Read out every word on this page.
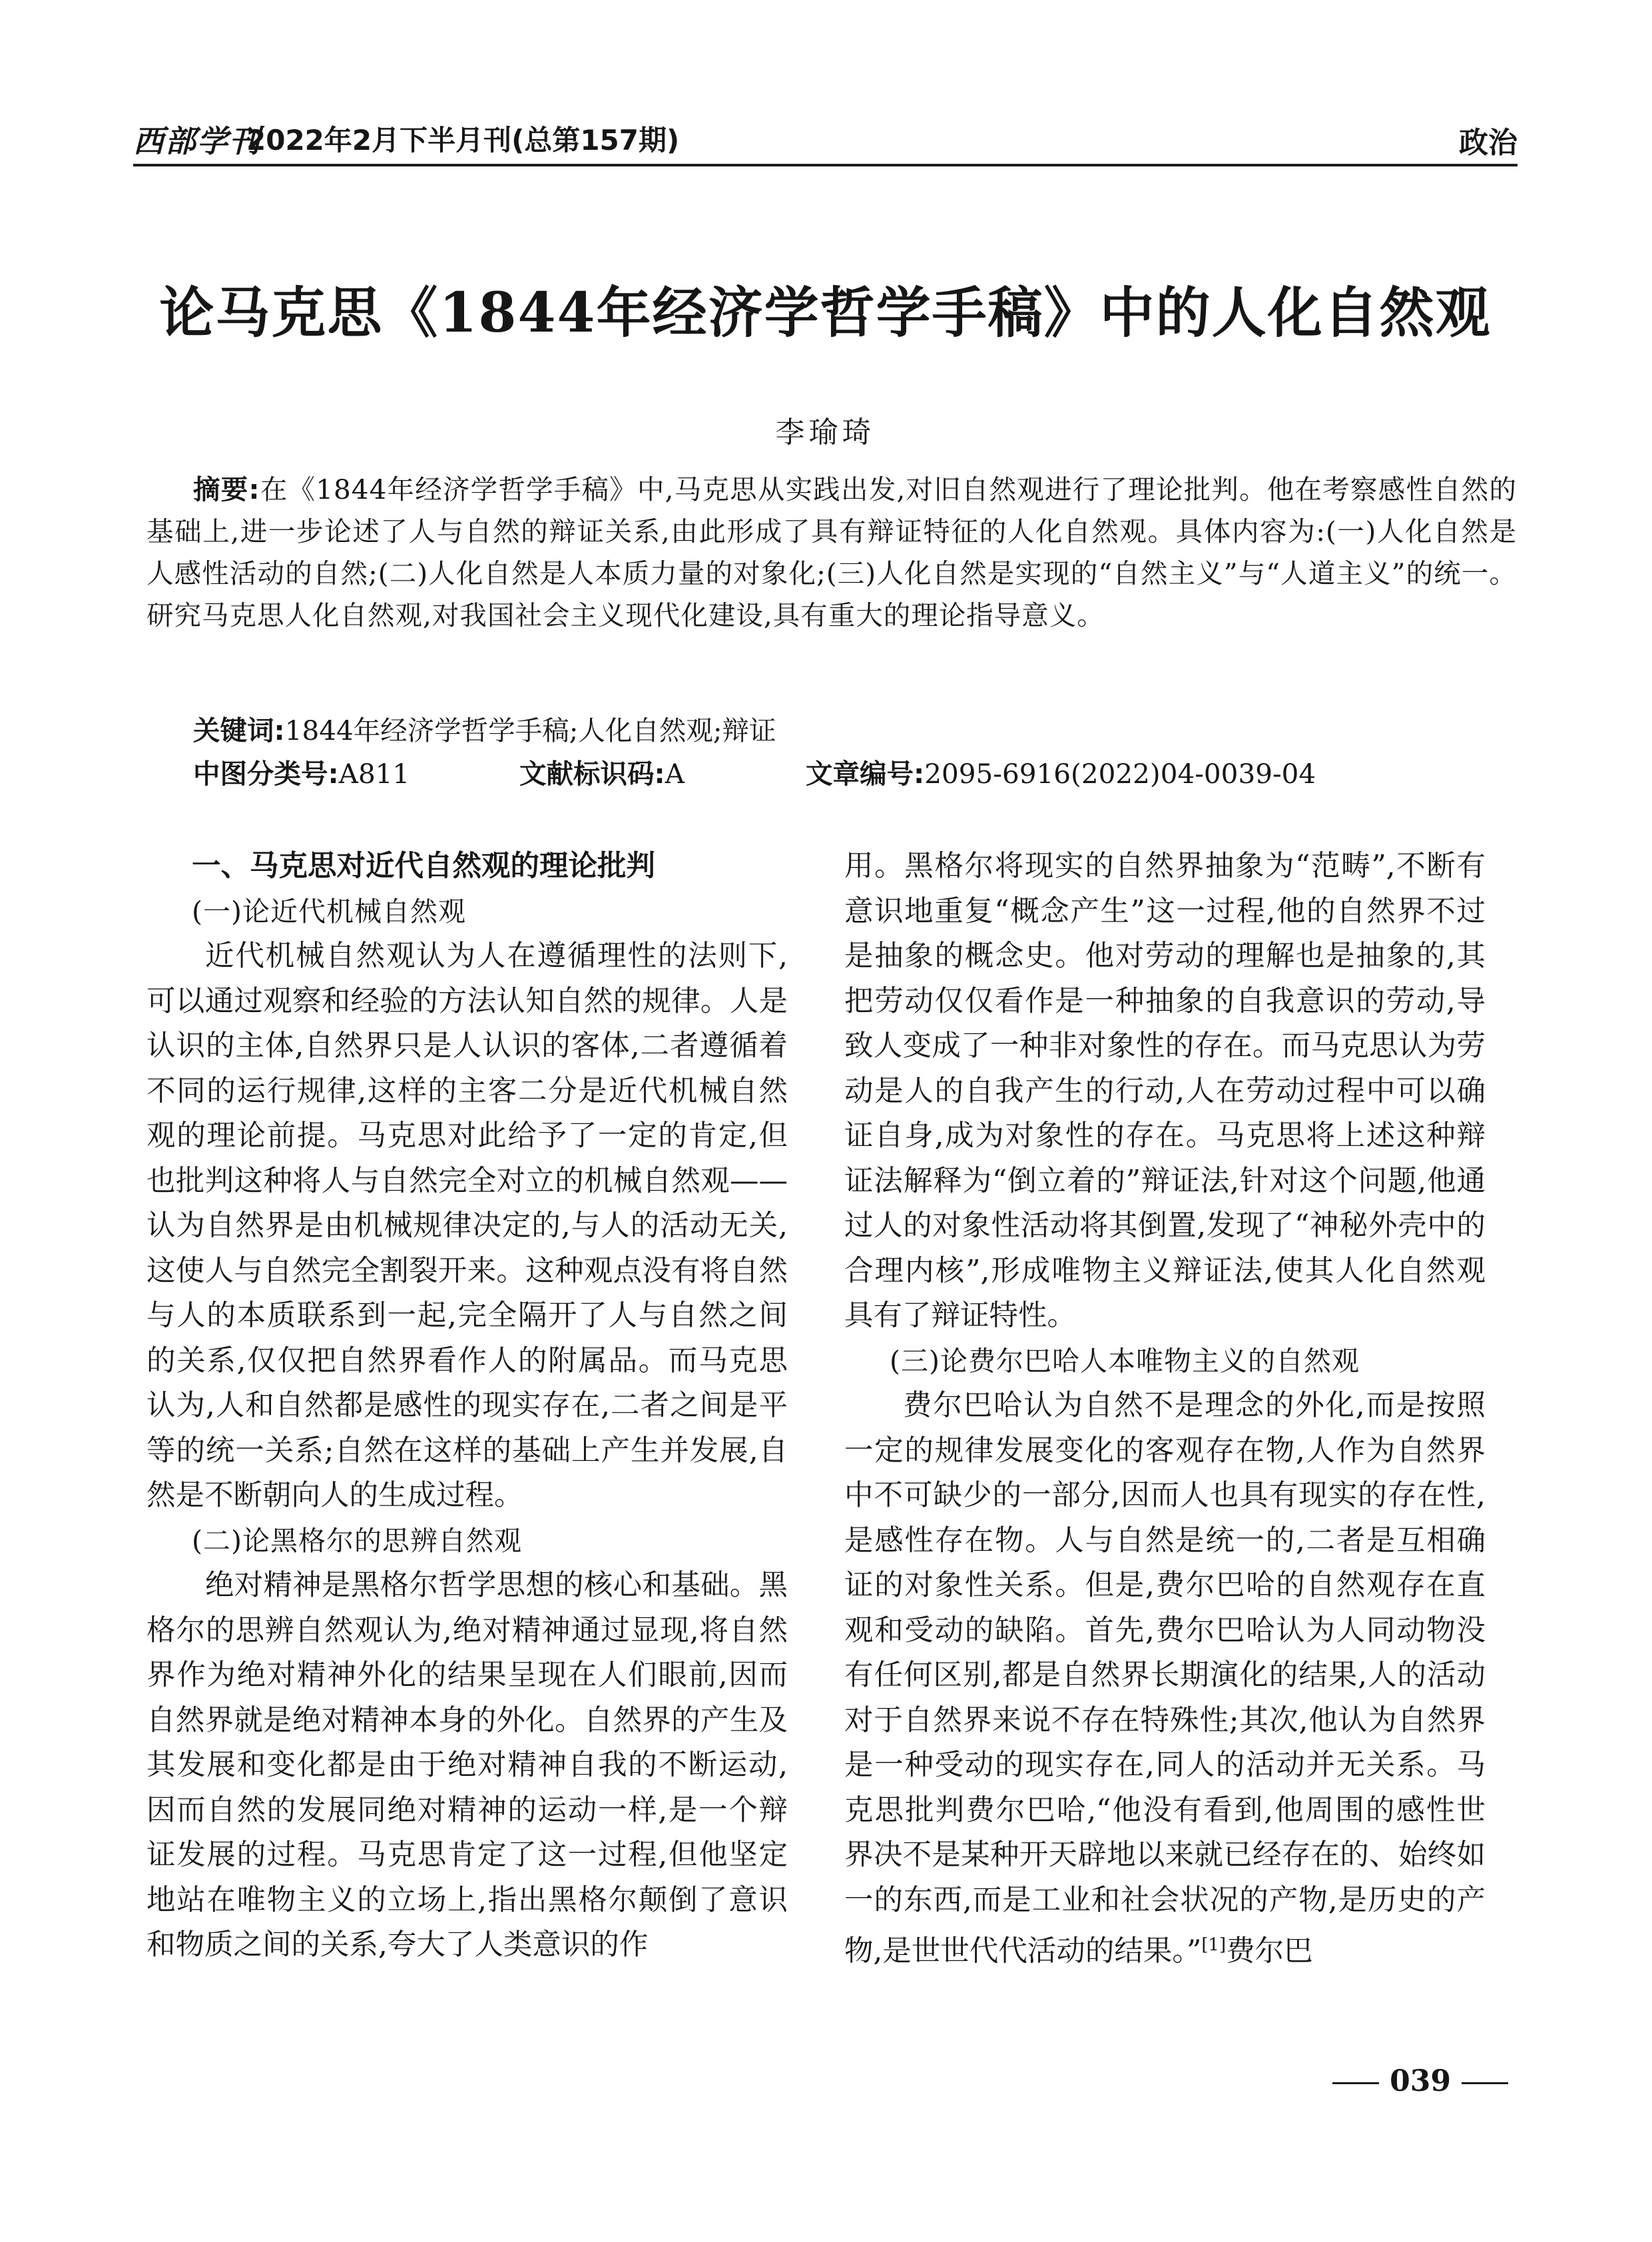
西部学刊
2022年2月下半月刊(总第157期)	政治
论马克思《1844年经济学哲学手稿》中的人化自然观
李瑜琦
摘要:在《1844年经济学哲学手稿》中,马克思从实践出发,对旧自然观进行了理论批判。他在考察感性自然的基础上,进一步论述了人与自然的辩证关系,由此形成了具有辩证特征的人化自然观。具体内容为:(一)人化自然是人感性活动的自然;(二)人化自然是人本质力量的对象化;(三)人化自然是实现的“自然主义”与“人道主义”的统一。研究马克思人化自然观,对我国社会主义现代化建设,具有重大的理论指导意义。
关键词:1844年经济学哲学手稿;人化自然观;辩证
中图分类号:A811	文献标识码:A	文章编号:2095-6916(2022)04-0039-04
一、马克思对近代自然观的理论批判
(一)论近代机械自然观

近代机械自然观认为人在遵循理性的法则下,可以通过观察和经验的方法认知自然的规律。人是认识的主体,自然界只是人认识的客体,二者遵循着不同的运行规律,这样的主客二分是近代机械自然观的理论前提。马克思对此给予了一定的肯定,但也批判这种将人与自然完全对立的机械自然观——认为自然界是由机械规律决定的,与人的活动无关,这使人与自然完全割裂开来。这种观点没有将自然与人的本质联系到一起,完全隔开了人与自然之间的关系,仅仅把自然界看作人的附属品。而马克思认为,人和自然都是感性的现实存在,二者之间是平等的统一关系;自然在这样的基础上产生并发展,自然是不断朝向人的生成过程。

(二)论黑格尔的思辨自然观

绝对精神是黑格尔哲学思想的核心和基础。黑格尔的思辨自然观认为,绝对精神通过显现,将自然界作为绝对精神外化的结果呈现在人们眼前,因而自然界就是绝对精神本身的外化。自然界的产生及其发展和变化都是由于绝对精神自我的不断运动,因而自然的发展同绝对精神的运动一样,是一个辩证发展的过程。马克思肯定了这一过程,但他坚定地站在唯物主义的立场上,指出黑格尔颠倒了意识和物质之间的关系,夸大了人类意识的作

用。黑格尔将现实的自然界抽象为“范畴”,不断有意识地重复“概念产生”这一过程,他的自然界不过是抽象的概念史。他对劳动的理解也是抽象的,其把劳动仅仅看作是一种抽象的自我意识的劳动,导致人变成了一种非对象性的存在。而马克思认为劳动是人的自我产生的行动,人在劳动过程中可以确证自身,成为对象性的存在。马克思将上述这种辩证法解释为“倒立着的”辩证法,针对这个问题,他通过人的对象性活动将其倒置,发现了“神秘外壳中的合理内核”,形成唯物主义辩证法,使其人化自然观具有了辩证特性。

(三)论费尔巴哈人本唯物主义的自然观

费尔巴哈认为自然不是理念的外化,而是按照一定的规律发展变化的客观存在物,人作为自然界中不可缺少的一部分,因而人也具有现实的存在性,是感性存在物。人与自然是统一的,二者是互相确证的对象性关系。但是,费尔巴哈的自然观存在直观和受动的缺陷。首先,费尔巴哈认为人同动物没有任何区别,都是自然界长期演化的结果,人的活动对于自然界来说不存在特殊性;其次,他认为自然界是一种受动的现实存在,同人的活动并无关系。马克思批判费尔巴哈,“他没有看到,他周围的感性世界决不是某种开天辟地以来就已经存在的、始终如一的东西,而是工业和社会状况的产物,是历史的产物,是世世代代活动的结果。”[1]费尔巴

039
